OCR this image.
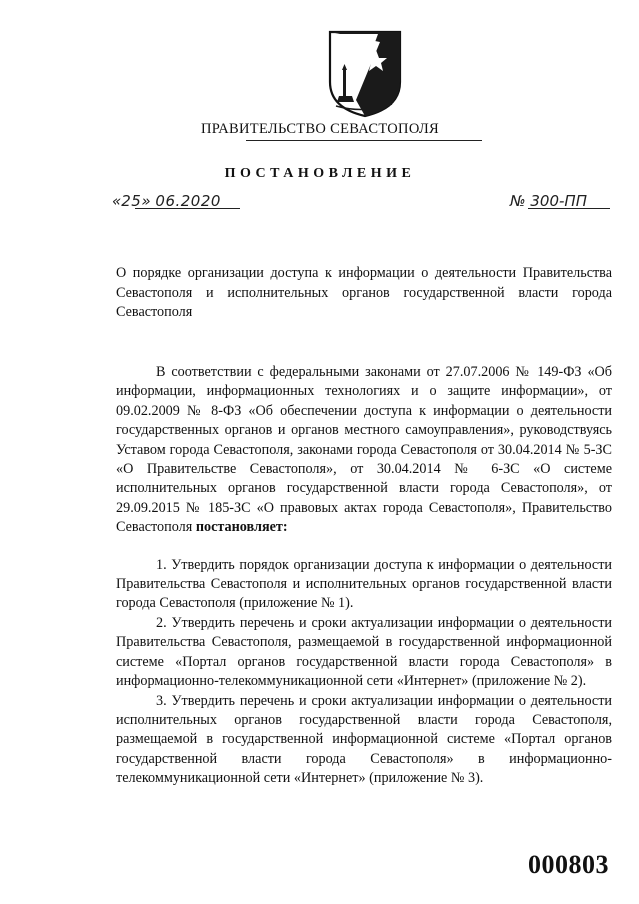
ПРАВИТЕЛЬСТВО СЕВАСТОПОЛЯ
ПОСТАНОВЛЕНИЕ
«25» 06.2020	№ 300-ПП
О порядке организации доступа к информации о деятельности Правительства Севастополя и исполнительных органов государственной власти города Севастополя

В соответствии с федеральными законами от 27.07.2006 № 149-ФЗ «Об информации, информационных технологиях и о защите информации», от 09.02.2009 № 8-ФЗ «Об обеспечении доступа к информации о деятельности государственных органов и органов местного самоуправления», руководствуясь Уставом города Севастополя, законами города Севастополя от 30.04.2014 № 5-ЗС «О Правительстве Севастополя», от 30.04.2014 № 6-ЗС «О системе исполнительных органов государственной власти города Севастополя», от 29.09.2015 № 185-ЗС «О правовых актах города Севастополя», Правительство Севастополя постановляет:

1. Утвердить порядок организации доступа к информации о деятельности Правительства Севастополя и исполнительных органов государственной власти города Севастополя (приложение № 1).

2. Утвердить перечень и сроки актуализации информации о деятельности Правительства Севастополя, размещаемой в государственной информационной системе «Портал органов государственной власти города Севастополя» в информационно-телекоммуникационной сети «Интернет» (приложение № 2).

3. Утвердить перечень и сроки актуализации информации о деятельности исполнительных органов государственной власти города Севастополя, размещаемой в государственной информационной системе «Портал органов государственной власти города Севастополя» в информационно-телекоммуникационной сети «Интернет» (приложение № 3).

000803
